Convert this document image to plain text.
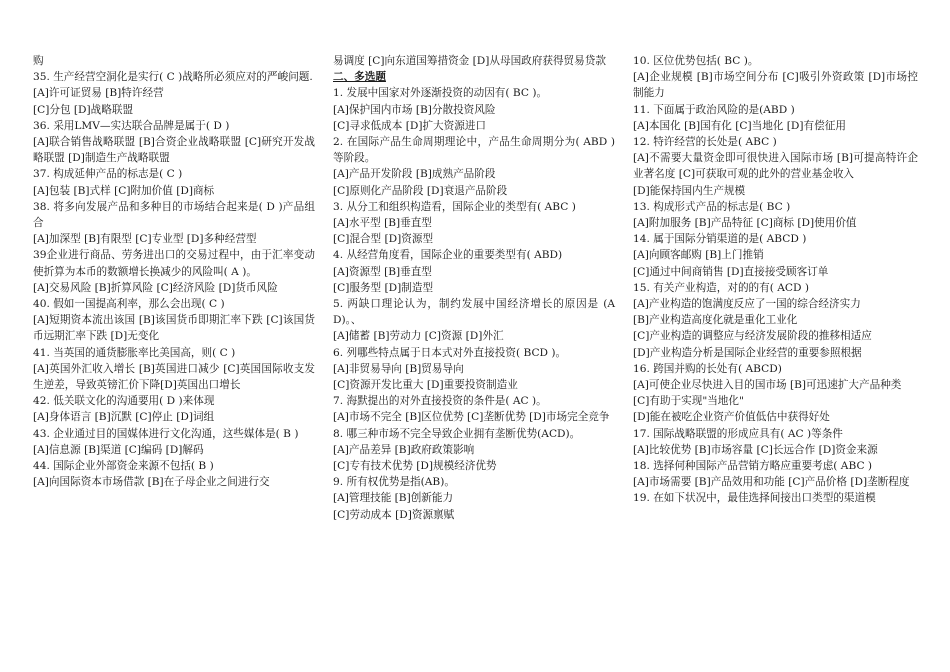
购
35. 生产经营空洞化是实行( C )战略所必须应对的严峻问题.
[A]许可证贸易 [B]特许经营
[C]分包 [D]战略联盟
36. 采用LMV—实达联合品牌是属于( D )
[A]联合销售战略联盟 [B]合资企业战略联盟 [C]研究开发战略联盟 [D]制造生产战略联盟
37. 构成延伸产品的标志是( C )
[A]包装 [B]式样 [C]附加价值 [D]商标
38. 将多向发展产品和多种目的市场结合起来是( D )产品组合
[A]加深型 [B]有限型 [C]专业型 [D]多种经营型
39企业进行商品、劳务进出口的交易过程中，由于汇率变动使折算为本币的数额增长换减少的风险叫( A )。
[A]交易风险 [B]折算风险 [C]经济风险 [D]货币风险
40. 假如一国提高利率，那么会出现( C )
[A]短期资本流出该国 [B]该国货币即期汇率下跌 [C]该国货币远期汇率下跌 [D]无变化
41. 当英国的通货膨胀率比美国高，则( C )
[A]英国外汇收入增长 [B]英国进口减少 [C]英国国际收支发生逆差，导致英镑汇价下降[D]英国出口增长
42. 低关联文化的沟通要用( D )来体现
[A]身体语言 [B]沉默 [C]停止 [D]词组
43. 企业通过目的国媒体进行文化沟通，这些媒体是( B )
[A]信息源 [B]渠道 [C]编码 [D]解码
44. 国际企业外部资金来源不包括( B )
[A]向国际资本市场借款 [B]在子母企业之间进行交
易调度 [C]向东道国筹措资金 [D]从母国政府获得贸易贷款
二、多选题
1. 发展中国家对外逐渐投资的动因有( BC )。
[A]保护国内市场 [B]分散投资风险
[C]寻求低成本 [D]扩大资源进口
2. 在国际产品生命周期理论中，产品生命周期分为( ABD )等阶段。
[A]产品开发阶段 [B]成熟产品阶段
[C]原则化产品阶段 [D]衰退产品阶段
3. 从分工和组织构造看，国际企业的类型有( ABC )
[A]水平型 [B]垂直型
[C]混合型 [D]资源型
4. 从经营角度看，国际企业的重要类型有( ABD)
[A]资源型 [B]垂直型
[C]服务型 [D]制造型
5. 两缺口理论认为，制约发展中国经济增长的原因是 (AD)。、
[A]储蓄 [B]劳动力 [C]资源 [D]外汇
6. 列哪些特点属于日本式对外直接投资( BCD )。
[A]非贸易导向 [B]贸易导向
[C]资源开发比重大 [D]重要投资制造业
7. 海默提出的对外直接投资的条件是( AC )。
[A]市场不完全 [B]区位优势 [C]垄断优势 [D]市场完全竞争
8. 哪三种市场不完全导致企业拥有垄断优势(ACD)。
[A]产品差异 [B]政府政策影响
[C]专有技术优势 [D]规模经济优势
9. 所有权优势是指(AB)。
[A]管理技能 [B]创新能力
[C]劳动成本 [D]资源禀赋
10. 区位优势包括( BC )。
[A]企业规模 [B]市场空间分布 [C]吸引外资政策 [D]市场控制能力
11. 下面属于政治风险的是(ABD )
[A]本国化 [B]国有化 [C]当地化 [D]有偿征用
12. 特许经营的长处是( ABC )
[A]不需要大量资金即可很快进入国际市场 [B]可提高特许企业著名度 [C]可获取可观的此外的营业基金收入
[D]能保持国内生产规模
13. 构成形式产品的标志是( BC )
[A]附加服务 [B]产品特征 [C]商标 [D]使用价值
14. 属于国际分销渠道的是( ABCD )
[A]向顾客邮购 [B]上门推销
[C]通过中间商销售 [D]直接接受顾客订单
15. 有关产业构造，对的的有( ACD )
[A]产业构造的饱满度反应了一国的综合经济实力
[B]产业构造高度化就是重化工业化
[C]产业构造的调整应与经济发展阶段的推移相适应
[D]产业构造分析是国际企业经营的重要参照根据
16. 跨国并购的长处有( ABCD)
[A]可使企业尽快进入目的国市场 [B]可迅速扩大产品种类
[C]有助于实现"当地化"
[D]能在被吃企业资产价值低估中获得好处
17. 国际战略联盟的形成应具有( AC )等条件
[A]比较优势 [B]市场容量 [C]长远合作 [D]资金来源
18. 选择何种国际产品营销方略应重要考虑( ABC )
[A]市场需要 [B]产品效用和功能 [C]产品价格 [D]垄断程度
19. 在如下状况中，最佳选择间接出口类型的渠道模
